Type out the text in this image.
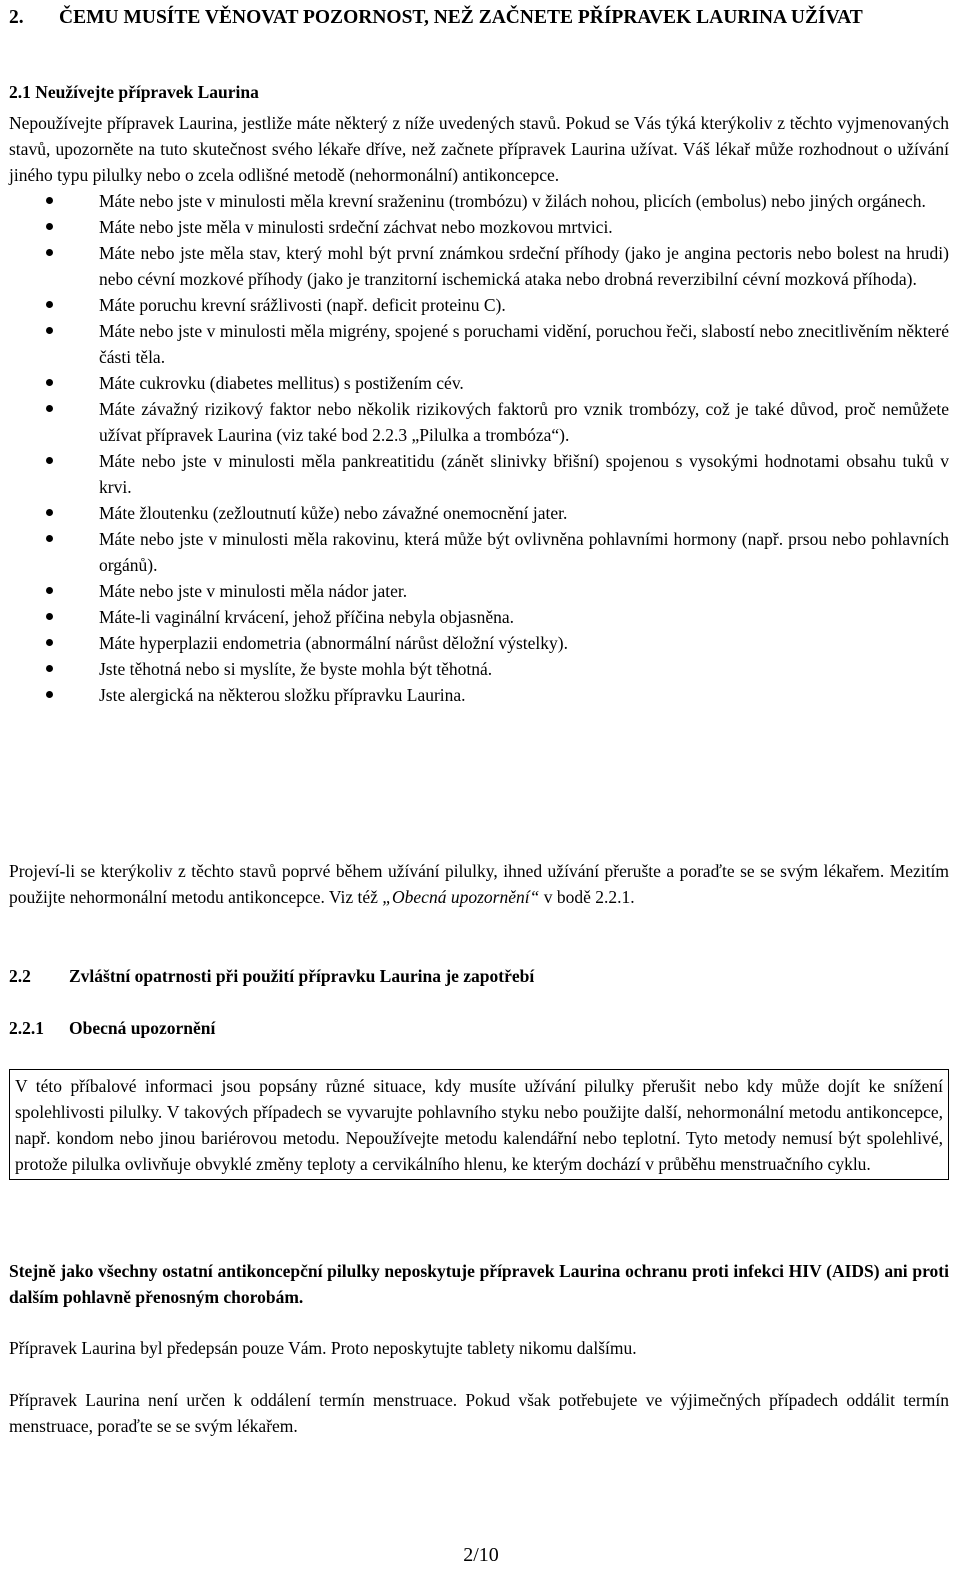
2. ČEMU MUSÍTE VĚNOVAT POZORNOST, NEŽ ZAČNETE PŘÍPRAVEK LAURINA UŽÍVAT
2.1 Neužívejte přípravek Laurina

Nepoužívejte přípravek Laurina, jestliže máte některý z níže uvedených stavů. Pokud se Vás týká kterýkoliv z těchto vyjmenovaných stavů, upozorněte na tuto skutečnost svého lékaře dříve, než začnete přípravek Laurina užívat. Váš lékař může rozhodnout o užívání jiného typu pilulky nebo o zcela odlišné metodě (nehormonální) antikoncepce.

Máte nebo jste v minulosti měla krevní sraženinu (trombózu) v žilách nohou, plicích (embolus) nebo jiných orgánech.
Máte nebo jste měla v minulosti srdeční záchvat nebo mozkovou mrtvici.
Máte nebo jste měla stav, který mohl být první známkou srdeční příhody (jako je angina pectoris nebo bolest na hrudi) nebo cévní mozkové příhody (jako je tranzitorní ischemická ataka nebo drobná reverzibilní cévní mozková příhoda).
Máte poruchu krevní srážlivosti (např. deficit proteinu C).
Máte nebo jste v minulosti měla migrény, spojené s poruchami vidění, poruchou řeči, slabostí nebo znecitlivěním některé části těla.
Máte cukrovku (diabetes mellitus) s postižením cév.
Máte závažný rizikový faktor nebo několik rizikových faktorů pro vznik trombózy, což je také důvod, proč nemůžete užívat přípravek Laurina (viz také bod 2.2.3 „Pilulka a trombóza“).
Máte nebo jste v minulosti měla pankreatitidu (zánět slinivky břišní) spojenou s vysokými hodnotami obsahu tuků v krvi.
Máte žloutenku (zežloutnutí kůže) nebo závažné onemocnění jater.
Máte nebo jste v minulosti měla rakovinu, která může být ovlivněna pohlavními hormony (např. prsou nebo pohlavních orgánů).
Máte nebo jste v minulosti měla nádor jater.
Máte-li vaginální krvácení, jehož příčina nebyla objasněna.
Máte hyperplazii endometria (abnormální nárůst děložní výstelky).
Jste těhotná nebo si myslíte, že byste mohla být těhotná.
Jste alergická na některou složku přípravku Laurina.

Projeví-li se kterýkoliv z těchto stavů poprvé během užívání pilulky, ihned užívání přerušte a poraďte se se svým lékařem. Mezitím použijte nehormonální metodu antikoncepce. Viz též „Obecná upozornění“ v bodě 2.2.1.

2.2 Zvláštní opatrnosti při použití přípravku Laurina je zapotřebí
2.2.1 Obecná upozornění

V této příbalové informaci jsou popsány různé situace, kdy musíte užívání pilulky přerušit nebo kdy může dojít ke snížení spolehlivosti pilulky. V takových případech se vyvarujte pohlavního styku nebo použijte další, nehormonální metodu antikoncepce, např. kondom nebo jinou bariérovou metodu. Nepoužívejte metodu kalendářní nebo teplotní. Tyto metody nemusí být spolehlivé, protože pilulka ovlivňuje obvyklé změny teploty a cervikálního hlenu, ke kterým dochází v průběhu menstruačního cyklu.

Stejně jako všechny ostatní antikoncepční pilulky neposkytuje přípravek Laurina ochranu proti infekci HIV (AIDS) ani proti dalším pohlavně přenosným chorobám.

Přípravek Laurina byl předepsán pouze Vám. Proto neposkytujte tablety nikomu dalšímu.

Přípravek Laurina není určen k oddálení termín menstruace. Pokud však potřebujete ve výjimečných případech oddálit termín menstruace, poraďte se se svým lékařem.

2/10
